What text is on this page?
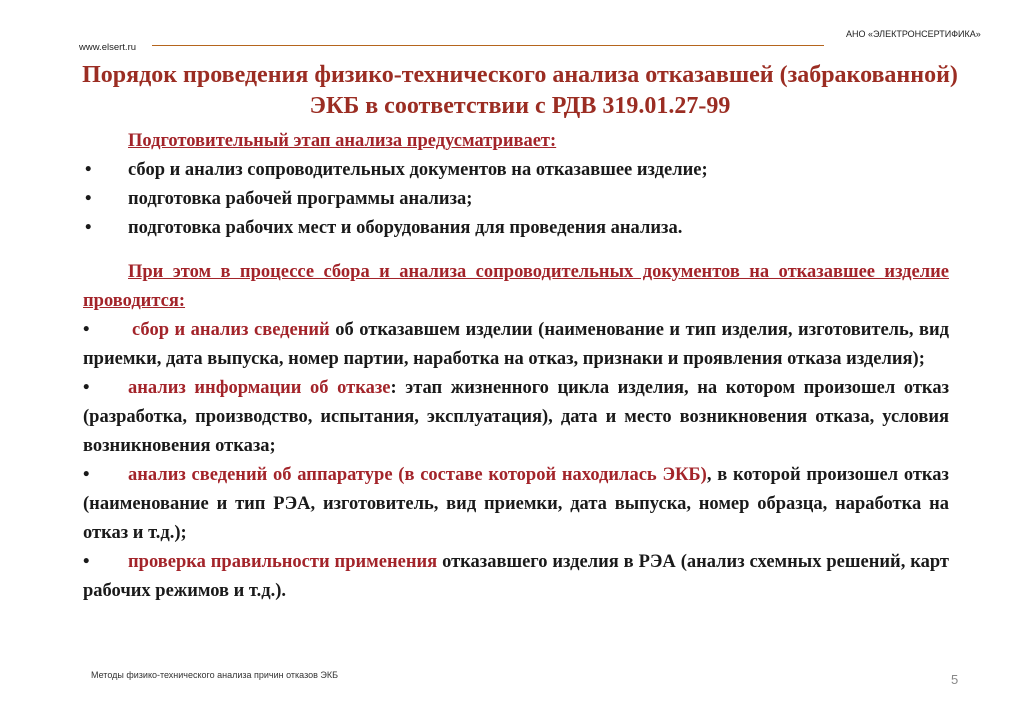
АНО «ЭЛЕКТРОНСЕРТИФИКА»
www.elsert.ru
Порядок проведения физико-технического анализа отказавшей (забракованной) ЭКБ в соответствии с РДВ 319.01.27-99
Подготовительный этап анализа предусматривает:
• сбор и анализ сопроводительных документов на отказавшее изделие;
• подготовка рабочей программы анализа;
• подготовка рабочих мест и оборудования для проведения анализа.
При этом в процессе сбора и анализа сопроводительных документов на отказавшее изделие проводится:
• сбор и анализ сведений об отказавшем изделии (наименование и тип изделия, изготовитель, вид приемки, дата выпуска, номер партии, наработка на отказ, признаки и проявления отказа изделия);
• анализ информации об отказе: этап жизненного цикла изделия, на котором произошел отказ (разработка, производство, испытания, эксплуатация), дата и место возникновения отказа, условия возникновения отказа;
• анализ сведений об аппаратуре (в составе которой находилась ЭКБ), в которой произошел отказ (наименование и тип РЭА, изготовитель, вид приемки, дата выпуска, номер образца, наработка на отказ и т.д.);
• проверка правильности применения отказавшего изделия в РЭА (анализ схемных решений, карт рабочих режимов и т.д.).
Методы физико-технического анализа причин отказов ЭКБ	5
